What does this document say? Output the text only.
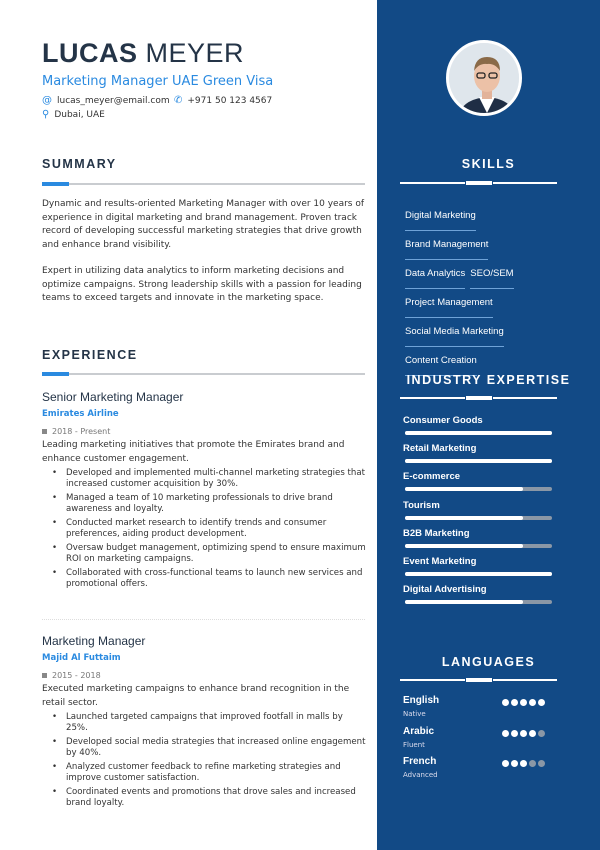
LUCAS MEYER
Marketing Manager UAE Green Visa
@ lucas_meyer@email.com ✆ +971 50 123 4567
⚲ Dubai, UAE
SUMMARY

Dynamic and results-oriented Marketing Manager with over 10 years of experience in digital marketing and brand management. Proven track record of developing successful marketing strategies that drive growth and enhance brand visibility.

Expert in utilizing data analytics to inform marketing decisions and optimize campaigns. Strong leadership skills with a passion for leading teams to exceed targets and innovate in the marketing space.

EXPERIENCE
Senior Marketing Manager
Emirates Airline
2018 - Present

Leading marketing initiatives that promote the Emirates brand and enhance customer engagement.

• Developed and implemented multi-channel marketing strategies that increased customer acquisition by 30%.
• Managed a team of 10 marketing professionals to drive brand awareness and loyalty.
• Conducted market research to identify trends and consumer preferences, aiding product development.
• Oversaw budget management, optimizing spend to ensure maximum ROI on marketing campaigns.
• Collaborated with cross-functional teams to launch new services and promotional offers.
Marketing Manager
Majid Al Futtaim
2015 - 2018

Executed marketing campaigns to enhance brand recognition in the retail sector.

• Launched targeted campaigns that improved footfall in malls by 25%.
• Developed social media strategies that increased online engagement by 40%.
• Analyzed customer feedback to refine marketing strategies and improve customer satisfaction.
• Coordinated events and promotions that drove sales and increased brand loyalty.
SKILLS
Digital Marketing
Brand Management
Data Analytics SEO/SEM
Project Management
Social Media Marketing
Content Creation
INDUSTRY EXPERTISE
Consumer Goods
Retail Marketing
E-commerce
Tourism
B2B Marketing
Event Marketing
Digital Advertising
LANGUAGES
English
Native
Arabic
Fluent
French
Advanced
